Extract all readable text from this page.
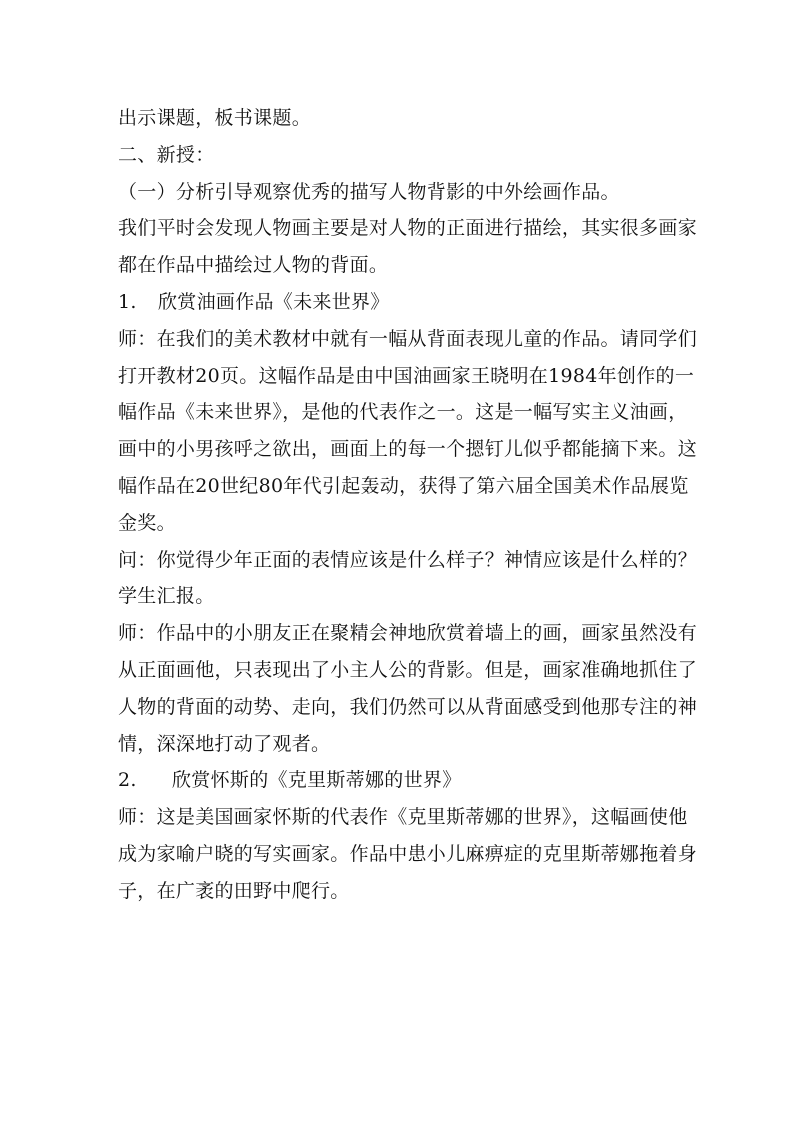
出示课题，板书课题。
二、新授：
（一）分析引导观察优秀的描写人物背影的中外绘画作品。
我们平时会发现人物画主要是对人物的正面进行描绘，其实很多画家
都在作品中描绘过人物的背面。
1. 欣赏油画作品《未来世界》
师：在我们的美术教材中就有一幅从背面表现儿童的作品。请同学们
打开教材20页。这幅作品是由中国油画家王晓明在1984年创作的一
幅作品《未来世界》，是他的代表作之一。这是一幅写实主义油画，
画中的小男孩呼之欲出，画面上的每一个摁钉儿似乎都能摘下来。这
幅作品在20世纪80年代引起轰动，获得了第六届全国美术作品展览
金奖。
问：你觉得少年正面的表情应该是什么样子？神情应该是什么样的？
学生汇报。
师：作品中的小朋友正在聚精会神地欣赏着墙上的画，画家虽然没有
从正面画他，只表现出了小主人公的背影。但是，画家准确地抓住了
人物的背面的动势、走向，我们仍然可以从背面感受到他那专注的神
情，深深地打动了观者。
2. 欣赏怀斯的《克里斯蒂娜的世界》
师：这是美国画家怀斯的代表作《克里斯蒂娜的世界》，这幅画使他
成为家喻户晓的写实画家。作品中患小儿麻痹症的克里斯蒂娜拖着身
子，在广袤的田野中爬行。
